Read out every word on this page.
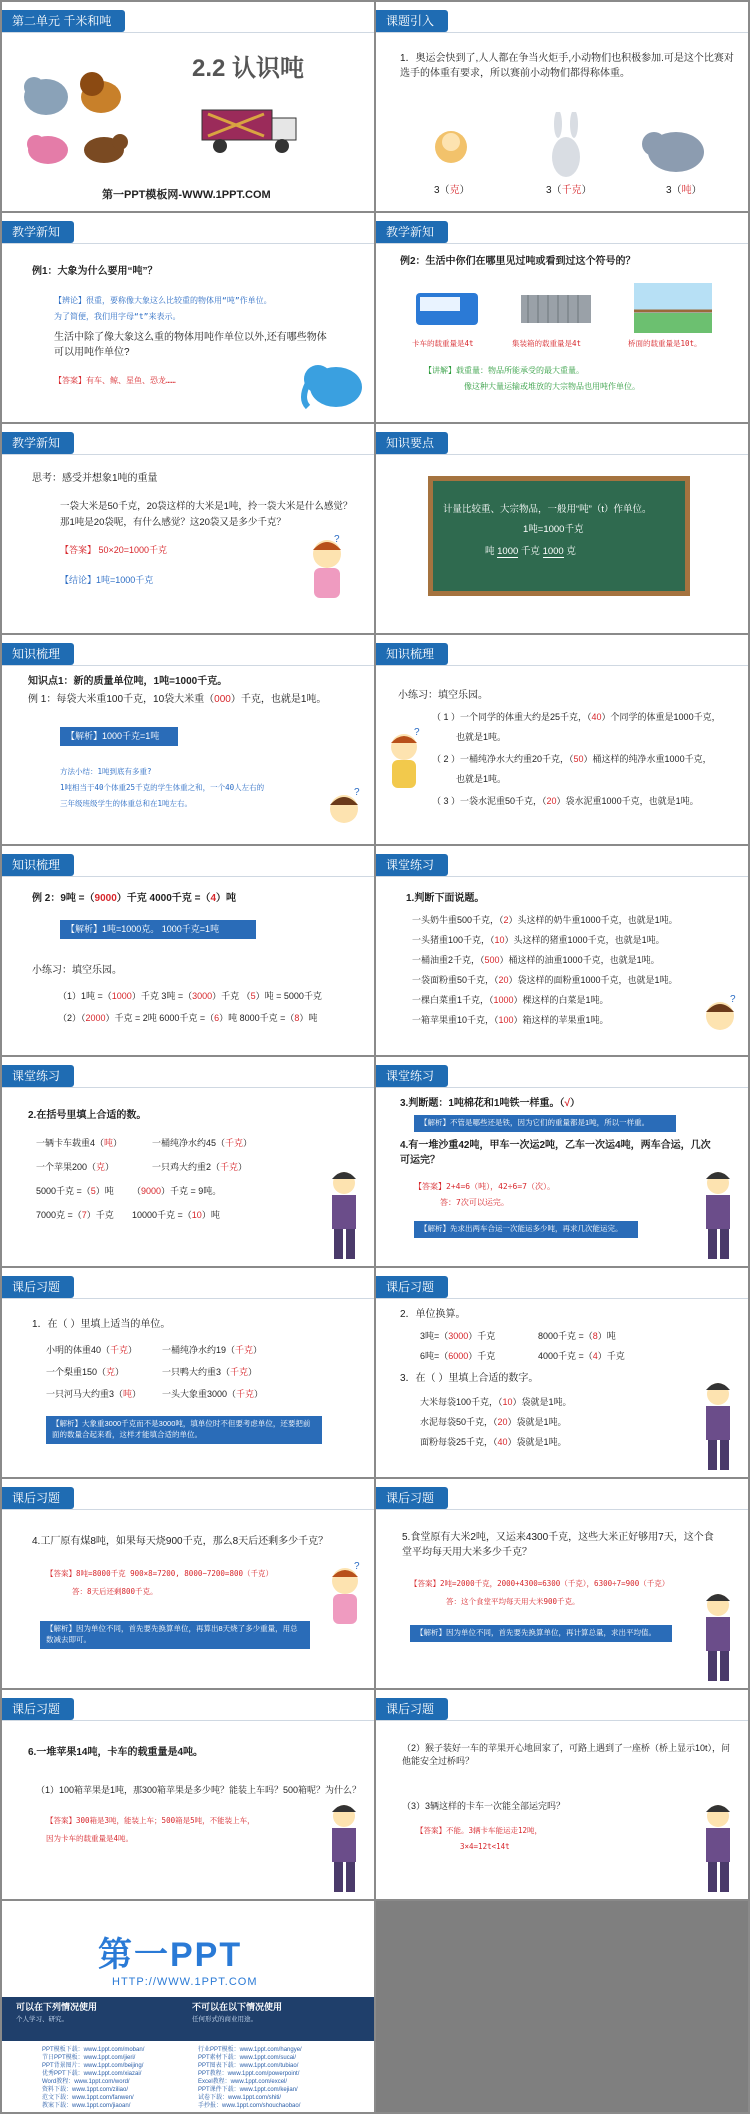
第二单元 千米和吨
2.2 认识吨
第一PPT模板网-WWW.1PPT.COM
课题引入
1．奥运会快到了,人人都在争当火炬手,小动物们也积极参加.可是这个比赛对选手的体重有要求，所以赛前小动物们都得称体重。
3（克）	3（千克）	3（吨）
教学新知
例1：大象为什么要用“吨”？
【辨论】很重，要称像大象这么比较重的物体用“吨”作单位。
为了简便，我们用字母“t”来表示。
生活中除了像大象这么重的物体用吨作单位以外,还有哪些物体可以用吨作单位?
【答案】有车、鲸、星鱼、恐龙……
教学新知
例2：生活中你们在哪里见过吨或看到过这个符号的？
卡车的载重量是4t	集装箱的载重量是4t	桥面的载重量是10t。
【讲解】载重量：物品所能承受的最大重量。
像这种大量运输或堆放的大宗物品也用吨作单位。
教学新知
思考：感受并想象1吨的重量
一袋大米是50千克，20袋这样的大米是1吨，拎一袋大米是什么感觉？
那1吨是20袋呢，有什么感觉？这20袋又是多少千克？
【答案】 50×20=1000千克
【结论】1吨=1000千克
?
知识要点
计量比较重、大宗物品，一般用“吨”（t）作单位。
1吨=1000千克
吨 1000 千克 1000 克
知识梳理
知识点1：新的质量单位吨，1吨=1000千克。
例 1：每袋大米重100千克，10袋大米重（000）千克，也就是1吨。
【解析】1000千克=1吨
方法小结：1吨到底有多重?
1吨相当于40个体重25千克的学生体重之和，一个40人左右的
三年级班级学生的体重总和在1吨左右。
?
知识梳理
小练习：填空乐园。
（ 1 ）一个同学的体重大约是25千克，（40）个同学的体重是1000千克，
也就是1吨。
（ 2 ）一桶纯净水大约重20千克，（50）桶这样的纯净水重1000千克，
也就是1吨。
（ 3 ）一袋水泥重50千克，（20）袋水泥重1000千克，也就是1吨。
?
知识梳理
例 2：9吨 =（9000）千克 4000千克 =（4）吨
【解析】1吨=1000克。 1000千克=1吨
小练习：填空乐园。
（1）1吨 =（1000）千克 3吨 =（3000）千克 （5）吨 = 5000千克
（2）（2000）千克 = 2吨 6000千克 =（6）吨 8000千克 =（8）吨
课堂练习
1.判断下面说题。
一头奶牛重500千克，（2）头这样的奶牛重1000千克，也就是1吨。
一头猪重100千克，（10）头这样的猪重1000千克，也就是1吨。
一桶油重2千克，（500）桶这样的油重1000千克，也就是1吨。
一袋面粉重50千克，（20）袋这样的面粉重1000千克，也就是1吨。
一棵白菜重1千克，（1000）棵这样的白菜是1吨。
一箱苹果重10千克，（100）箱这样的苹果重1吨。
?
课堂练习
2.在括号里填上合适的数。
一辆卡车载重4（吨）	一桶纯净水约45（千克）
一个苹果200（克）	一只鸡大约重2（千克）
5000千克 =（5）吨 （9000）千克 = 9吨。
7000克 =（7）千克 10000千克 =（10）吨
课堂练习
3.判断题：1吨棉花和1吨铁一样重。（√）
【解析】不管是哪些还是铁，因为它们的重量都是1吨，所以一样重。
4.有一堆沙重42吨，甲车一次运2吨，乙车一次运4吨，两车合运，几次可运完？
【答案】2+4=6（吨），42÷6=7（次）。
答：7次可以运完。
【解析】先求出两车合运一次能运多少吨，再求几次能运完。
课后习题
1．在（ ）里填上适当的单位。
小明的体重40（千克）	一桶纯净水约19（千克）
一个梨重150（克）	一只鸭大约重3（千克）
一只河马大约重3（吨） 一头大象重3000（千克）
【解析】大象重3000千克而不是3000吨，填单位时不但要考虑单位，还要把前面的数量合起来看，这样才能填合适的单位。
课后习题
2．单位换算。
3吨=（3000）千克	8000千克 =（8）吨
6吨=（6000）千克	4000千克 =（4）千克
3．在（ ）里填上合适的数字。
大米每袋100千克，（10）袋就是1吨。
水泥每袋50千克，（20）袋就是1吨。
面粉每袋25千克，（40）袋就是1吨。
课后习题
4.工厂原有煤8吨，如果每天烧900千克，那么8天后还剩多少千克？
【答案】8吨=8000千克 900×8=7200, 8000−7200=800（千克）
答：8天后还剩800千克。
【解析】因为单位不同，首先要先换算单位，再算出8天烧了多少重量，用总数减去即可。
?
课后习题
5.食堂原有大米2吨，又运来4300千克，这些大米正好够用7天，这个食堂平均每天用大米多少千克？
【答案】2吨=2000千克，2000+4300=6300（千克），6300÷7=900（千克）
答：这个食堂平均每天用大米900千克。
【解析】因为单位不同，首先要先换算单位，再计算总量，求出平均值。
课后习题
6.一堆苹果14吨，卡车的载重量是4吨。
（1）100箱苹果是1吨，那300箱苹果是多少吨？能装上车吗？500箱呢？为什么？
【答案】300箱是3吨，能装上车；500箱是5吨，不能装上车，
因为卡车的载重量是4吨。
课后习题
（2）猴子装好一车的苹果开心地回家了，可路上遇到了一座桥（桥上显示10t），问他能安全过桥吗？
（3）3辆这样的卡车一次能全部运完吗？
【答案】不能。3辆卡车能运走12吨，
3×4=12t<14t
第一PPT
HTTP://WWW.1PPT.COM
可以在下列情况使用
个人学习、研究。
不可以在以下情况使用
任何形式的商业用途。
PPT模板下载：www.1ppt.com/moban/
节日PPT模板：www.1ppt.com/jieri/
PPT背景图片：www.1ppt.com/beijing/
优秀PPT下载：www.1ppt.com/xiazai/
Word教程：www.1ppt.com/word/
资料下载：www.1ppt.com/ziliao/
范文下载：www.1ppt.com/fanwen/
教案下载：www.1ppt.com/jiaoan/
行业PPT模板：www.1ppt.com/hangye/
PPT素材下载：www.1ppt.com/sucai/
PPT图表下载：www.1ppt.com/tubiao/
PPT教程：www.1ppt.com/powerpoint/
Excel教程：www.1ppt.com/excel/
PPT课件下载：www.1ppt.com/kejian/
试卷下载：www.1ppt.com/shiti/
手抄报：www.1ppt.com/shouchaobao/
